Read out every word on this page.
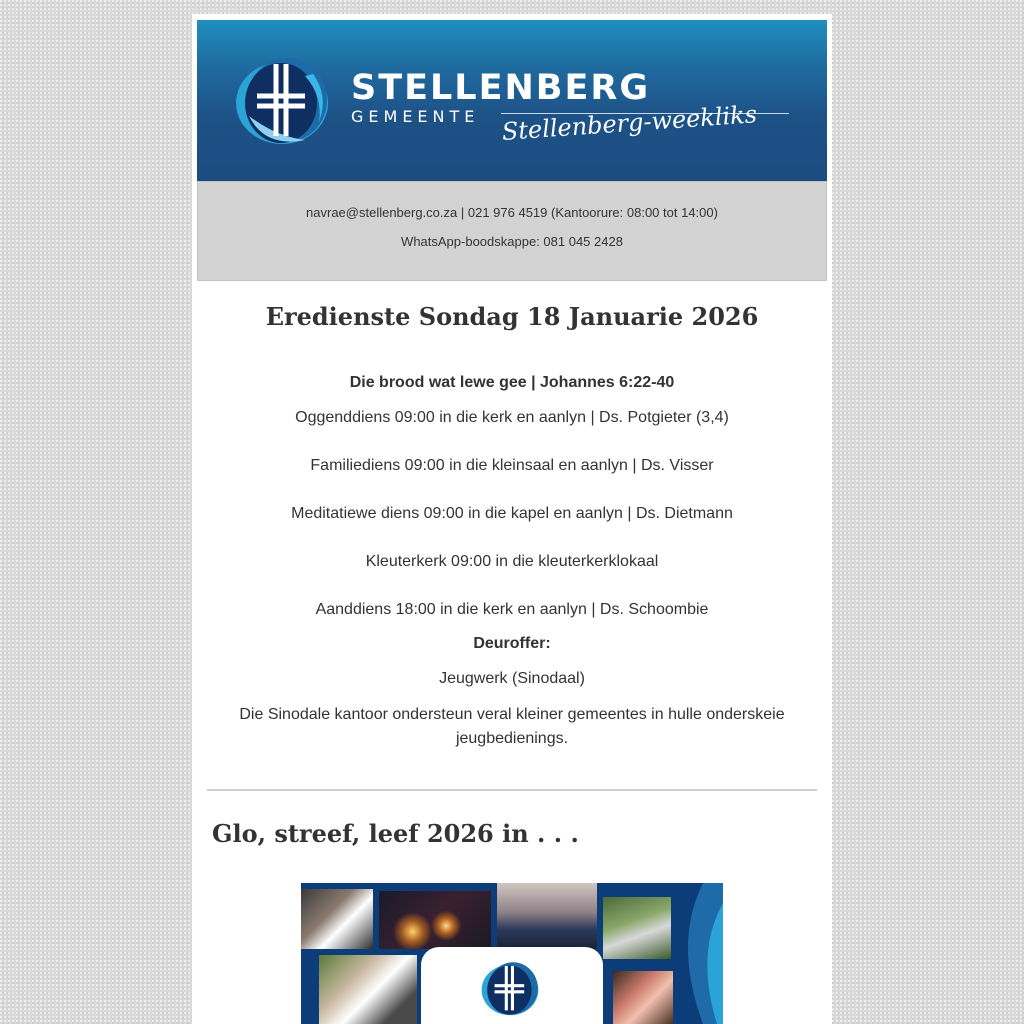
STELLENBERG
GEMEENTE Stellenberg-weekliks
navrae@stellenberg.co.za | 021 976 4519 (Kantoorure: 08:00 tot 14:00)
WhatsApp-boodskappe: 081 045 2428
Eredienste Sondag 18 Januarie 2026
Die brood wat lewe gee | Johannes 6:22-40
Oggenddiens 09:00 in die kerk en aanlyn | Ds. Potgieter (3,4)
Familiediens 09:00 in die kleinsaal en aanlyn | Ds. Visser
Meditatiewe diens 09:00 in die kapel en aanlyn | Ds. Dietmann
Kleuterkerk 09:00 in die kleuterkerklokaal
Aanddiens 18:00 in die kerk en aanlyn | Ds. Schoombie
Deuroffer:
Jeugwerk (Sinodaal)
Die Sinodale kantoor ondersteun veral kleiner gemeentes in hulle onderskeie jeugbedienings.
Glo, streef, leef 2026 in . . .
